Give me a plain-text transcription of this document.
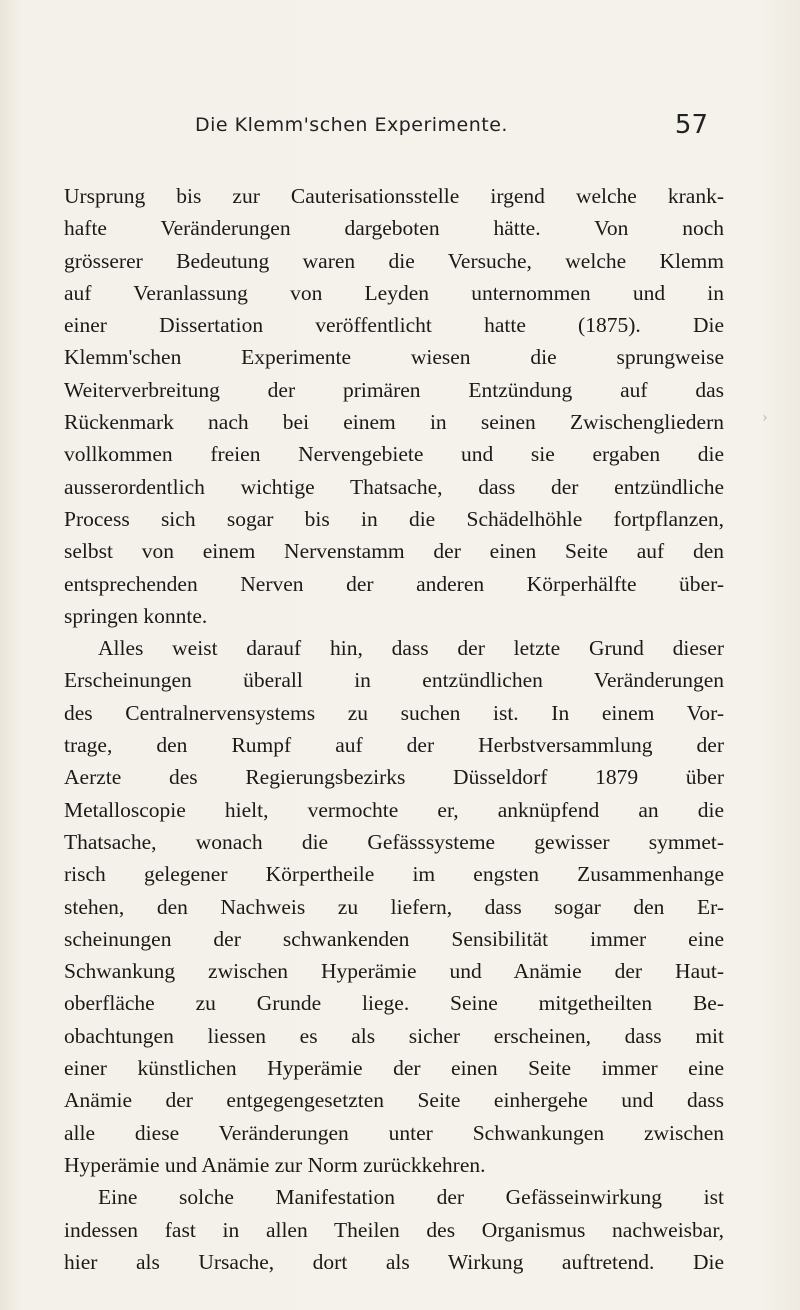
Die Klemm'schen Experimente.	57
Ursprung bis zur Cauterisationsstelle irgend welche krank-
hafte Veränderungen dargeboten hätte. Von noch
grösserer Bedeutung waren die Versuche, welche Klemm
auf Veranlassung von Leyden unternommen und in
einer Dissertation veröffentlicht hatte (1875). Die
Klemm'schen Experimente wiesen die sprungweise
Weiterverbreitung der primären Entzündung auf das
Rückenmark nach bei einem in seinen Zwischengliedern
vollkommen freien Nervengebiete und sie ergaben die
ausserordentlich wichtige Thatsache, dass der entzündliche
Process sich sogar bis in die Schädelhöhle fortpflanzen,
selbst von einem Nervenstamm der einen Seite auf den
entsprechenden Nerven der anderen Körperhälfte über-
springen konnte.
Alles weist darauf hin, dass der letzte Grund dieser
Erscheinungen überall in entzündlichen Veränderungen
des Centralnervensystems zu suchen ist. In einem Vor-
trage, den Rumpf auf der Herbstversammlung der
Aerzte des Regierungsbezirks Düsseldorf 1879 über
Metalloscopie hielt, vermochte er, anknüpfend an die
Thatsache, wonach die Gefässsysteme gewisser symmet-
risch gelegener Körpertheile im engsten Zusammenhange
stehen, den Nachweis zu liefern, dass sogar den Er-
scheinungen der schwankenden Sensibilität immer eine
Schwankung zwischen Hyperämie und Anämie der Haut-
oberfläche zu Grunde liege. Seine mitgetheilten Be-
obachtungen liessen es als sicher erscheinen, dass mit
einer künstlichen Hyperämie der einen Seite immer eine
Anämie der entgegengesetzten Seite einhergehe und dass
alle diese Veränderungen unter Schwankungen zwischen
Hyperämie und Anämie zur Norm zurückkehren.
Eine solche Manifestation der Gefässeinwirkung ist
indessen fast in allen Theilen des Organismus nachweisbar,
hier als Ursache, dort als Wirkung auftretend. Die
›
